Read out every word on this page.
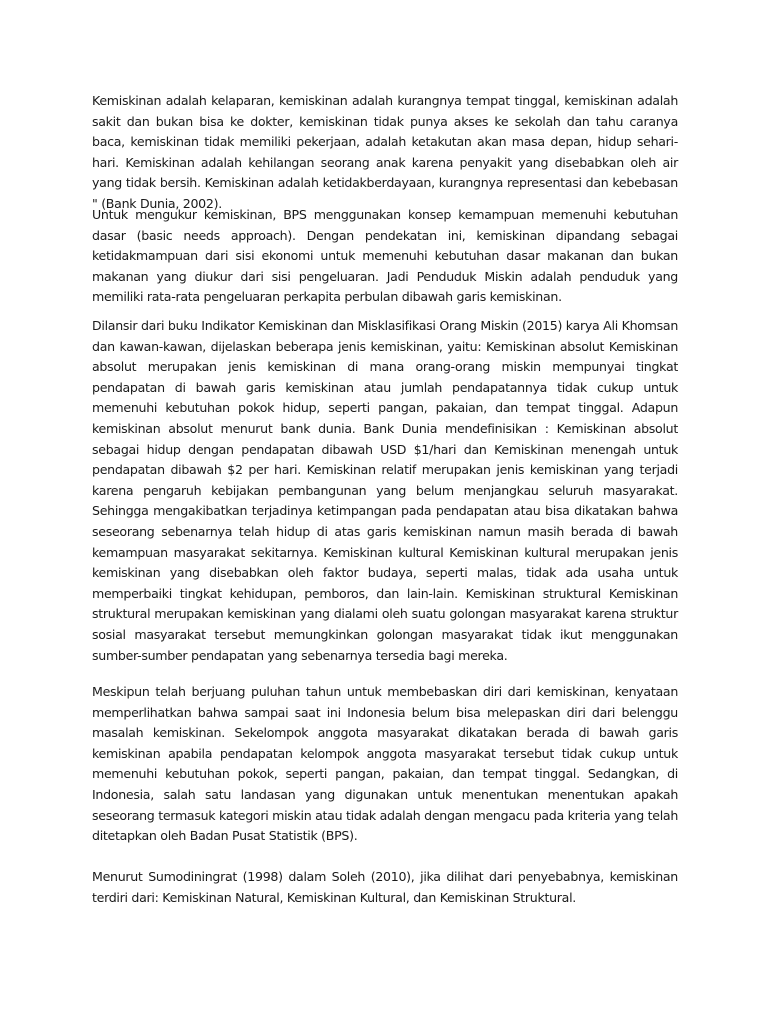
Kemiskinan adalah kelaparan, kemiskinan adalah kurangnya tempat tinggal, kemiskinan adalah sakit dan bukan bisa ke dokter, kemiskinan tidak punya akses ke sekolah dan tahu caranya baca, kemiskinan tidak memiliki pekerjaan, adalah ketakutan akan masa depan, hidup sehari-hari. Kemiskinan adalah kehilangan seorang anak karena penyakit yang disebabkan oleh air yang tidak bersih. Kemiskinan adalah ketidakberdayaan, kurangnya representasi dan kebebasan " (Bank Dunia, 2002).

Untuk mengukur kemiskinan, BPS menggunakan konsep kemampuan memenuhi kebutuhan dasar (basic needs approach). Dengan pendekatan ini, kemiskinan dipandang sebagai ketidakmampuan dari sisi ekonomi untuk memenuhi kebutuhan dasar makanan dan bukan makanan yang diukur dari sisi pengeluaran. Jadi Penduduk Miskin adalah penduduk yang memiliki rata-rata pengeluaran perkapita perbulan dibawah garis kemiskinan.

Dilansir dari buku Indikator Kemiskinan dan Misklasifikasi Orang Miskin (2015) karya Ali Khomsan dan kawan-kawan, dijelaskan beberapa jenis kemiskinan, yaitu: Kemiskinan absolut Kemiskinan absolut merupakan jenis kemiskinan di mana orang-orang miskin mempunyai tingkat pendapatan di bawah garis kemiskinan atau jumlah pendapatannya tidak cukup untuk memenuhi kebutuhan pokok hidup, seperti pangan, pakaian, dan tempat tinggal. Adapun kemiskinan absolut menurut bank dunia. Bank Dunia mendefinisikan : Kemiskinan absolut sebagai hidup dengan pendapatan dibawah USD $1/hari dan Kemiskinan menengah untuk pendapatan dibawah $2 per hari. Kemiskinan relatif merupakan jenis kemiskinan yang terjadi karena pengaruh kebijakan pembangunan yang belum menjangkau seluruh masyarakat. Sehingga mengakibatkan terjadinya ketimpangan pada pendapatan atau bisa dikatakan bahwa seseorang sebenarnya telah hidup di atas garis kemiskinan namun masih berada di bawah kemampuan masyarakat sekitarnya. Kemiskinan kultural Kemiskinan kultural merupakan jenis kemiskinan yang disebabkan oleh faktor budaya, seperti malas, tidak ada usaha untuk memperbaiki tingkat kehidupan, pemboros, dan lain-lain. Kemiskinan struktural Kemiskinan struktural merupakan kemiskinan yang dialami oleh suatu golongan masyarakat karena struktur sosial masyarakat tersebut memungkinkan golongan masyarakat tidak ikut menggunakan sumber-sumber pendapatan yang sebenarnya tersedia bagi mereka.

Meskipun telah berjuang puluhan tahun untuk membebaskan diri dari kemiskinan, kenyataan memperlihatkan bahwa sampai saat ini Indonesia belum bisa melepaskan diri dari belenggu masalah kemiskinan. Sekelompok anggota masyarakat dikatakan berada di bawah garis kemiskinan apabila pendapatan kelompok anggota masyarakat tersebut tidak cukup untuk memenuhi kebutuhan pokok, seperti pangan, pakaian, dan tempat tinggal. Sedangkan, di Indonesia, salah satu landasan yang digunakan untuk menentukan menentukan apakah seseorang termasuk kategori miskin atau tidak adalah dengan mengacu pada kriteria yang telah ditetapkan oleh Badan Pusat Statistik (BPS).

Menurut Sumodiningrat (1998) dalam Soleh (2010), jika dilihat dari penyebabnya, kemiskinan terdiri dari: Kemiskinan Natural, Kemiskinan Kultural, dan Kemiskinan Struktural.
